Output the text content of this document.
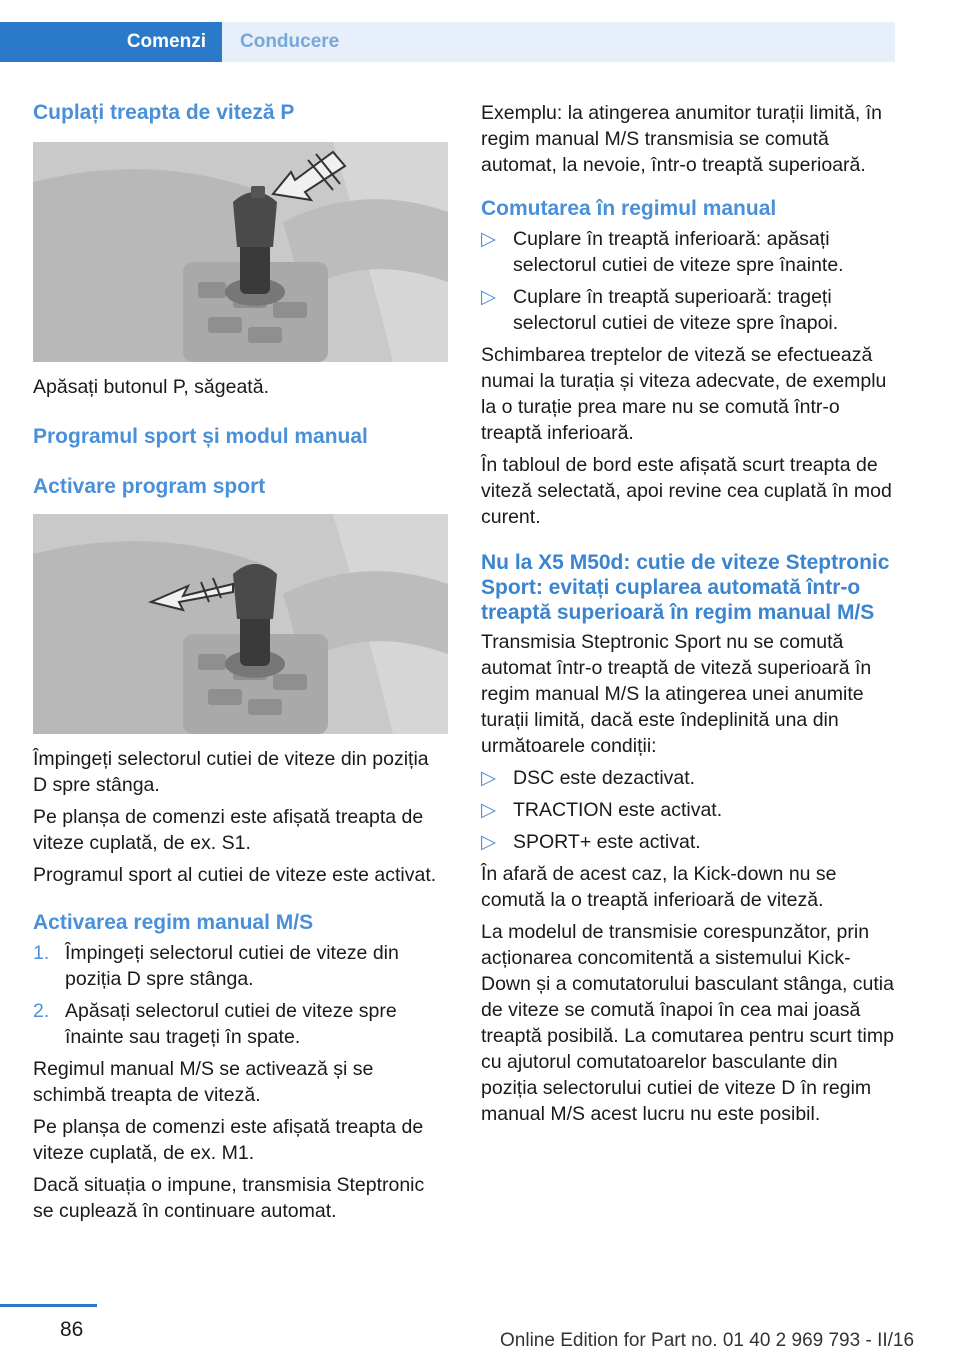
Comenzi	Conducere
Cuplați treapta de viteză P

Apăsați butonul P, săgeată.

Programul sport și modul manual
Activare program sport

Împingeți selectorul cutiei de viteze din poziția D spre stânga.

Pe planșa de comenzi este afișată treapta de viteze cuplată, de ex. S1.

Programul sport al cutiei de viteze este activat.

Activarea regim manual M/S
1. Împingeți selectorul cutiei de viteze din poziția D spre stânga.
2. Apăsați selectorul cutiei de viteze spre înainte sau trageți în spate.

Regimul manual M/S se activează și se schimbă treapta de viteză.

Pe planșa de comenzi este afișată treapta de viteze cuplată, de ex. M1.

Dacă situația o impune, transmisia Steptronic se cuplează în continuare automat.

Exemplu: la atingerea anumitor turații limită, în regim manual M/S transmisia se comută automat, la nevoie, într-o treaptă superioară.

Comutarea în regimul manual
▷ Cuplare în treaptă inferioară: apăsați selectorul cutiei de viteze spre înainte.
▷ Cuplare în treaptă superioară: trageți selectorul cutiei de viteze spre înapoi.

Schimbarea treptelor de viteză se efectuează numai la turația și viteza adecvate, de exemplu la o turație prea mare nu se comută într-o treaptă inferioară.

În tabloul de bord este afișată scurt treapta de viteză selectată, apoi revine cea cuplată în mod curent.

Nu la X5 M50d: cutie de viteze Steptronic Sport: evitați cuplarea automată într-o treaptă superioară în regim manual M/S

Transmisia Steptronic Sport nu se comută automat într-o treaptă de viteză superioară în regim manual M/S la atingerea unei anumite turații limită, dacă este îndeplinită una din următoarele condiții:

▷ DSC este dezactivat.
▷ TRACTION este activat.
▷ SPORT+ este activat.

În afară de acest caz, la Kick-down nu se comută la o treaptă inferioară de viteză.

La modelul de transmisie corespunzător, prin acționarea concomitentă a sistemului Kick-Down și a comutatorului basculant stânga, cutia de viteze se comută înapoi în cea mai joasă treaptă posibilă. La comutarea pentru scurt timp cu ajutorul comutatoarelor basculante din poziția selectorului cutiei de viteze D în regim manual M/S acest lucru nu este posibil.

86	Online Edition for Part no. 01 40 2 969 793 - II/16
